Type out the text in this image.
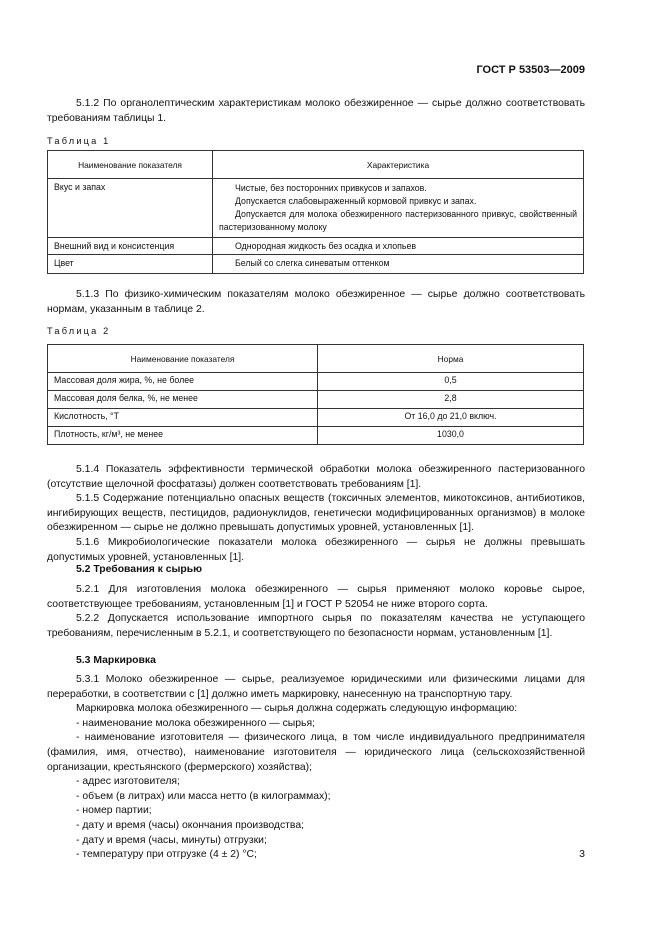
ГОСТ Р 53503—2009
5.1.2 По органолептическим характеристикам молоко обезжиренное — сырье должно соответствовать требованиям таблицы 1.
Таблица 1
Наименование показателя	Характеристика
Вкус и запах	Чистые, без посторонних привкусов и запахов.
Допускается слабовыраженный кормовой привкус и запах.
Допускается для молока обезжиренного пастеризованного привкус, свойственный пастеризованному молоку

Внешний вид и консистенция	Однородная жидкость без осадка и хлопьев
Цвет	Белый со слегка синеватым оттенком
5.1.3 По физико-химическим показателям молоко обезжиренное — сырье должно соответствовать нормам, указанным в таблице 2.
Таблица 2
Наименование показателя	Норма
Массовая доля жира, %, не более	0,5
Массовая доля белка, %, не менее	2,8
Кислотность, °Т	От 16,0 до 21,0 включ.
Плотность, кг/м³, не менее	1030,0
5.1.4 Показатель эффективности термической обработки молока обезжиренного пастеризованного (отсутствие щелочной фосфатазы) должен соответствовать требованиям [1].
5.1.5 Содержание потенциально опасных веществ (токсичных элементов, микотоксинов, антибиотиков, ингибирующих веществ, пестицидов, радионуклидов, генетически модифицированных организмов) в молоке обезжиренном — сырье не должно превышать допустимых уровней, установленных [1].
5.1.6 Микробиологические показатели молока обезжиренного — сырья не должны превышать допустимых уровней, установленных [1].
5.2 Требования к сырью
5.2.1 Для изготовления молока обезжиренного — сырья применяют молоко коровье сырое, соответствующее требованиям, установленным [1] и ГОСТ Р 52054 не ниже второго сорта.
5.2.2 Допускается использование импортного сырья по показателям качества не уступающего требованиям, перечисленным в 5.2.1, и соответствующего по безопасности нормам, установленным [1].
5.3 Маркировка
5.3.1 Молоко обезжиренное — сырье, реализуемое юридическими или физическими лицами для переработки, в соответствии с [1] должно иметь маркировку, нанесенную на транспортную тару.
Маркировка молока обезжиренного — сырья должна содержать следующую информацию:
- наименование молока обезжиренного — сырья;
- наименование изготовителя — физического лица, в том числе индивидуального предпринимателя (фамилия, имя, отчество), наименование изготовителя — юридического лица (сельскохозяйственной организации, крестьянского (фермерского) хозяйства);
- адрес изготовителя;
- объем (в литрах) или масса нетто (в килограммах);
- номер партии;
- дату и время (часы) окончания производства;
- дату и время (часы, минуты) отгрузки;
- температуру при отгрузке (4 ± 2) °С;	3
